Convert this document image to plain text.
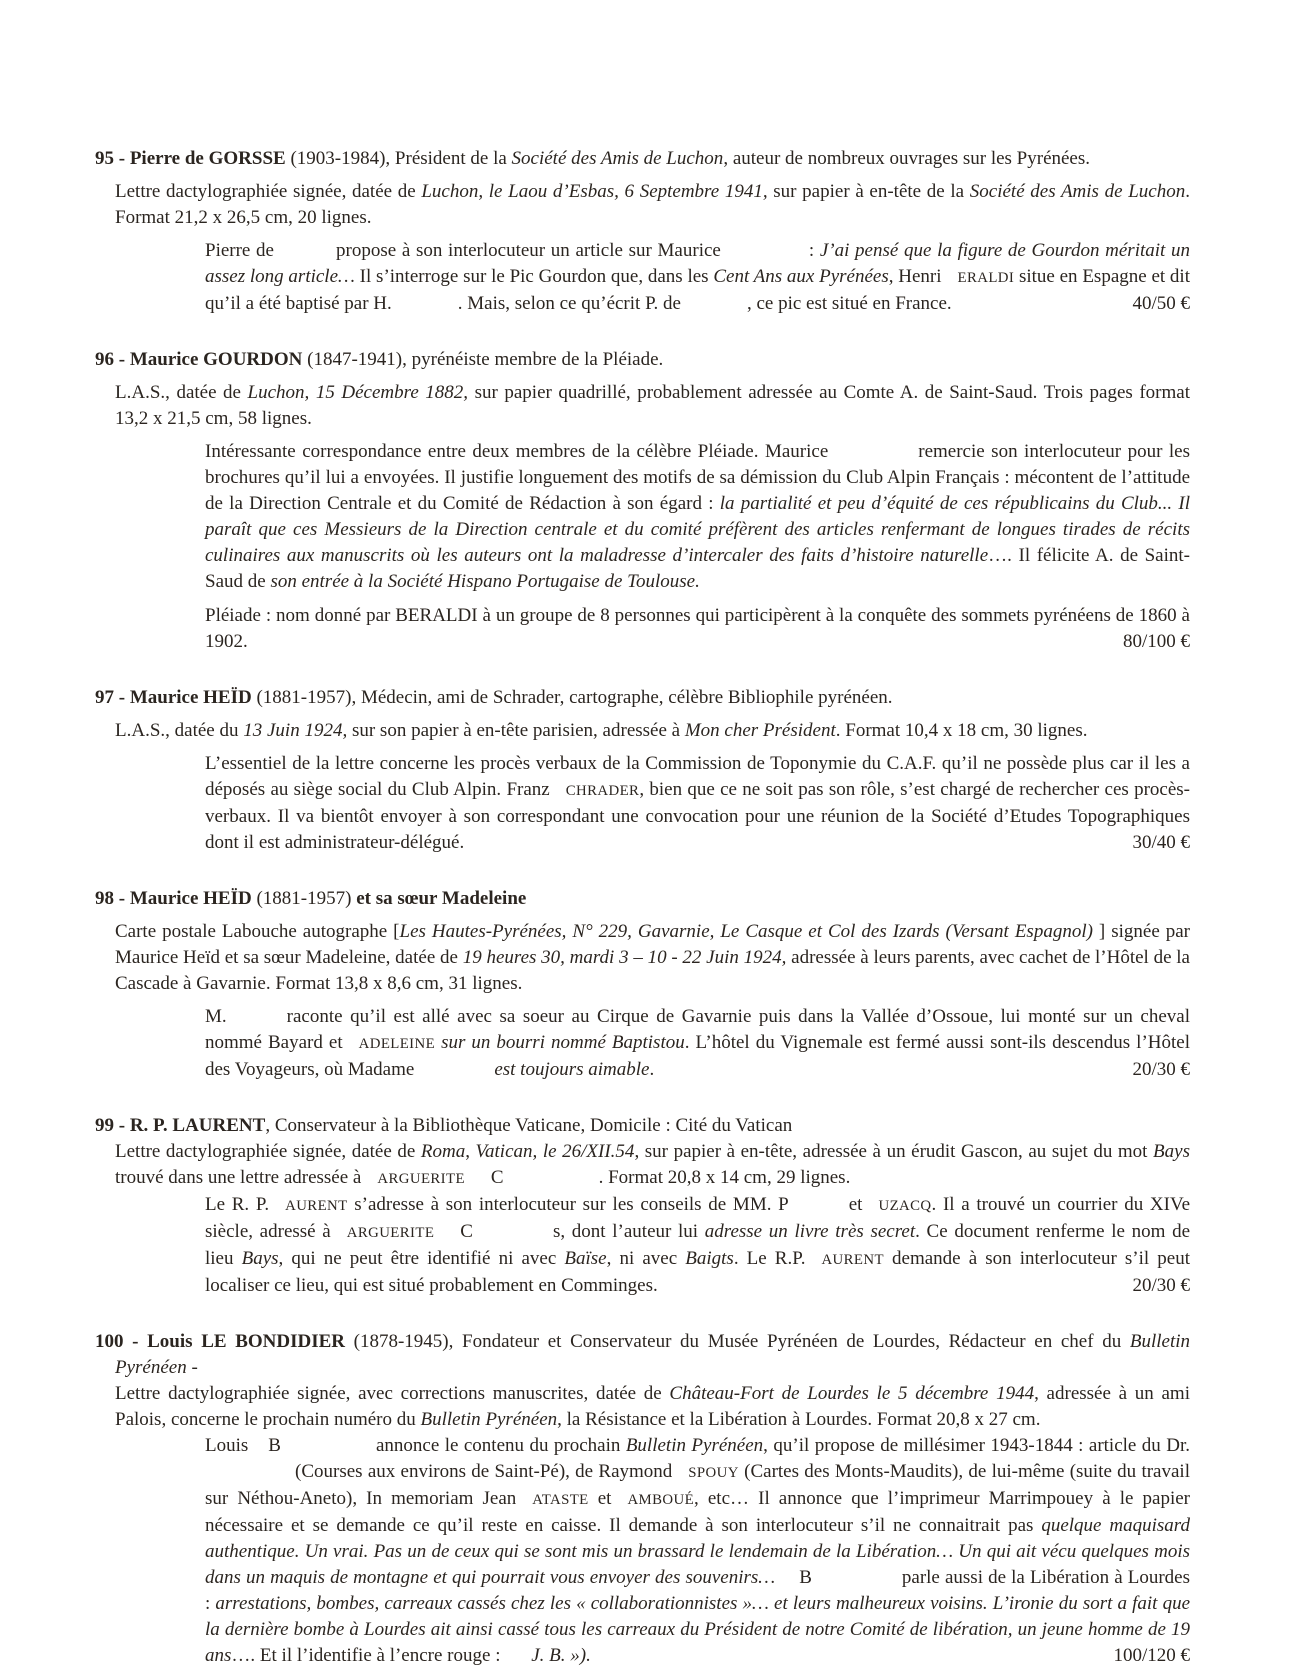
95 - Pierre de GORSSE (1903-1984), Président de la Société des Amis de Luchon, auteur de nombreux ouvrages sur les Pyrénées.

Lettre dactylographiée signée, datée de Luchon, le Laou d’Esbas, 6 Septembre 1941, sur papier à en-tête de la Société des Amis de Luchon. Format 21,2 x 26,5 cm, 20 lignes.

Pierre de	propose à son interlocuteur un article sur Maurice	: J’ai pensé que la figure de Gourdon méritait un assez long article… Il s’interroge sur le Pic Gourdon que, dans les Cent Ans aux Pyrénées, Henri ERALDI situe en Espagne et dit qu’il a été baptisé par H.	. Mais, selon ce qu’écrit P. de	, ce pic est situé en France.	40/50 €

96 - Maurice GOURDON (1847-1941), pyrénéiste membre de la Pléiade.

L.A.S., datée de Luchon, 15 Décembre 1882, sur papier quadrillé, probablement adressée au Comte A. de Saint-Saud. Trois pages format 13,2 x 21,5 cm, 58 lignes.

Intéressante correspondance entre deux membres de la célèbre Pléiade. Maurice	remercie son interlocuteur pour les brochures qu’il lui a envoyées. Il justifie longuement des motifs de sa démission du Club Alpin Français : mécontent de l’attitude de la Direction Centrale et du Comité de Rédaction à son égard : la partialité et peu d’équité de ces républicains du Club... Il paraît que ces Messieurs de la Direction centrale et du comité préfèrent des articles renfermant de longues tirades de récits culinaires aux manuscrits où les auteurs ont la maladresse d’intercaler des faits d’histoire naturelle…. Il félicite A. de Saint-Saud de son entrée à la Société Hispano Portugaise de Toulouse.

Pléiade : nom donné par BERALDI à un groupe de 8 personnes qui participèrent à la conquête des sommets pyrénéens de 1860 à 1902.	80/100 €

97 - Maurice HEÏD (1881-1957), Médecin, ami de Schrader, cartographe, célèbre Bibliophile pyrénéen.

L.A.S., datée du 13 Juin 1924, sur son papier à en-tête parisien, adressée à Mon cher Président. Format 10,4 x 18 cm, 30 lignes.

L’essentiel de la lettre concerne les procès verbaux de la Commission de Toponymie du C.A.F. qu’il ne possède plus car il les a déposés au siège social du Club Alpin. Franz CHRADER, bien que ce ne soit pas son rôle, s’est chargé de rechercher ces procès-verbaux. Il va bientôt envoyer à son correspondant une convocation pour une réunion de la Société d’Etudes Topographiques dont il est administrateur-délégué.	30/40 €

98 - Maurice HEÏD (1881-1957) et sa sœur Madeleine

Carte postale Labouche autographe [Les Hautes-Pyrénées, N° 229, Gavarnie, Le Casque et Col des Izards (Versant Espagnol) ] signée par Maurice Heïd et sa sœur Madeleine, datée de 19 heures 30, mardi 3 – 10 - 22 Juin 1924, adressée à leurs parents, avec cachet de l’Hôtel de la Cascade à Gavarnie. Format 13,8 x 8,6 cm, 31 lignes.

M.	raconte qu’il est allé avec sa soeur au Cirque de Gavarnie puis dans la Vallée d’Ossoue, lui monté sur un cheval nommé Bayard et ADELEINE sur un bourri nommé Baptistou. L’hôtel du Vignemale est fermé aussi sont-ils descendus l’Hôtel des Voyageurs, où Madame	est toujours aimable.	20/30 €

99 - R. P. LAURENT, Conservateur à la Bibliothèque Vaticane, Domicile : Cité du Vatican

Lettre dactylographiée signée, datée de Roma, Vatican, le 26/XII.54, sur papier à en-tête, adressée à un érudit Gascon, au sujet du mot Bays trouvé dans une lettre adressée à ARGUERITE C	. Format 20,8 x 14 cm, 29 lignes.

Le R. P. AURENT s’adresse à son interlocuteur sur les conseils de MM. P	et UZACQ. Il a trouvé un courrier du XIVe siècle, adressé à ARGUERITE C	s, dont l’auteur lui adresse un livre très secret. Ce document renferme le nom de lieu Bays, qui ne peut être identifié ni avec Baïse, ni avec Baigts. Le R.P. AURENT demande à son interlocuteur s’il peut localiser ce lieu, qui est situé probablement en Comminges.	20/30 €

100 - Louis LE BONDIDIER (1878-1945), Fondateur et Conservateur du Musée Pyrénéen de Lourdes, Rédacteur en chef du Bulletin Pyrénéen -

Lettre dactylographiée signée, avec corrections manuscrites, datée de Château-Fort de Lourdes le 5 décembre 1944, adressée à un ami Palois, concerne le prochain numéro du Bulletin Pyrénéen, la Résistance et la Libération à Lourdes. Format 20,8 x 27 cm.

Louis B	annonce le contenu du prochain Bulletin Pyrénéen, qu’il propose de millésimer 1943-1844 : article du Dr.(Courses aux environs de Saint-Pé), de Raymond SPOUY (Cartes des Monts-Maudits), de lui-même (suite du travail sur Néthou-Aneto), In memoriam Jean ATASTE et AMBOUÉ, etc… Il annonce que l’imprimeur Marrimpouey à le papier nécessaire et se demande ce qu’il reste en caisse. Il demande à son interlocuteur s’il ne connaitrait pas quelque maquisard authentique. Un vrai. Pas un de ceux qui se sont mis un brassard le lendemain de la Libération… Un qui ait vécu quelques mois dans un maquis de montagne et qui pourrait vous envoyer des souvenirs… B	parle aussi de la Libération à Lourdes : arrestations, bombes, carreaux cassés chez les « collaborationnistes »… et leurs malheureux voisins. L’ironie du sort a fait que la dernière bombe à Lourdes ait ainsi cassé tous les carreaux du Président de notre Comité de libération, un jeune homme de 19 ans…. Et il l’identifie à l’encre rouge : J. B. »).	100/120 €
